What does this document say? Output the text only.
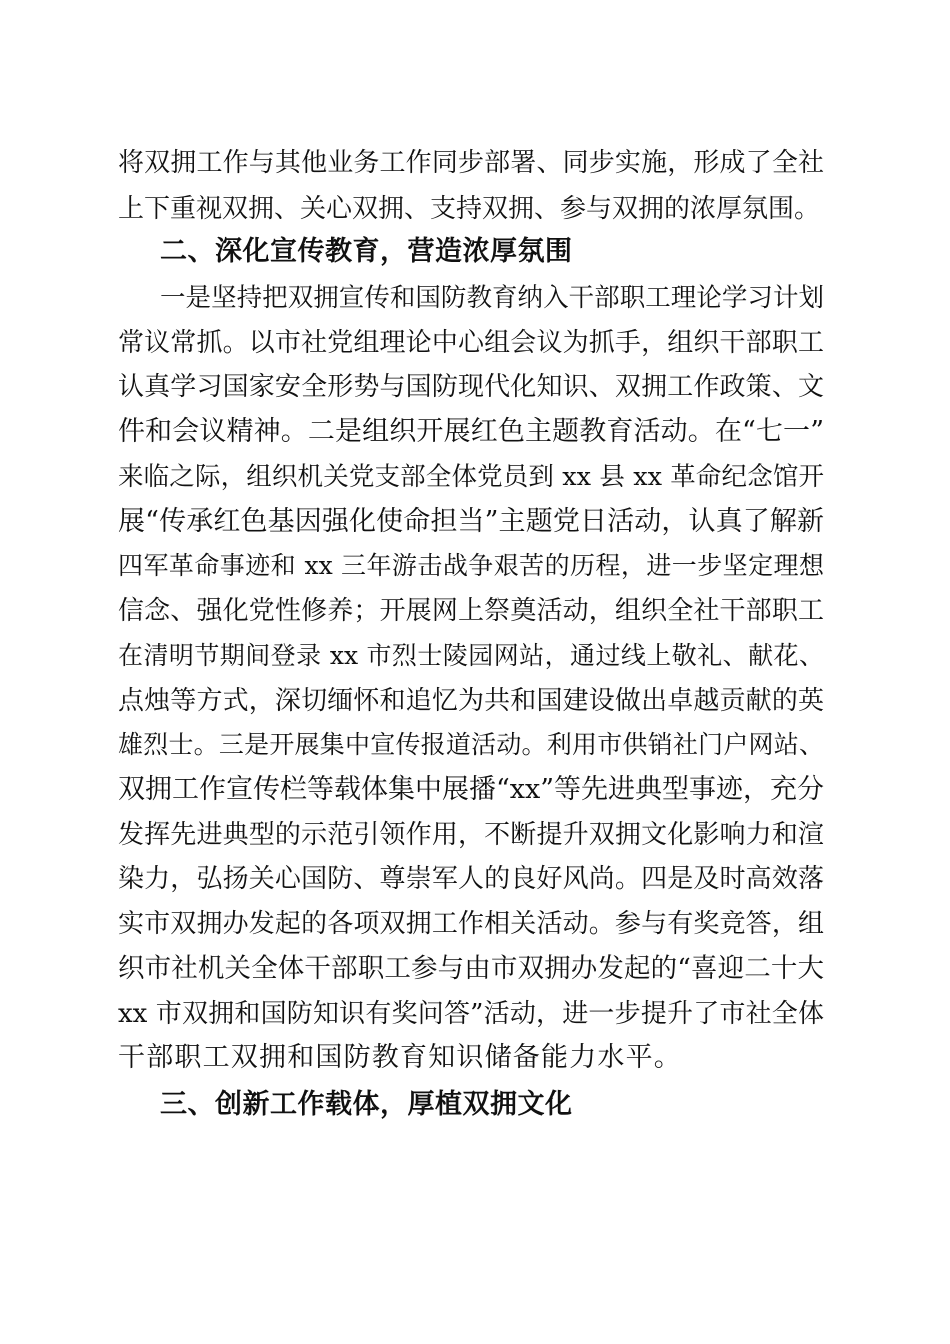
将双拥工作与其他业务工作同步部署、同步实施，形成了全社
上下重视双拥、关心双拥、支持双拥、参与双拥的浓厚氛围。
二、深化宣传教育，营造浓厚氛围
一是坚持把双拥宣传和国防教育纳入干部职工理论学习计划
常议常抓。以市社党组理论中心组会议为抓手，组织干部职工
认真学习国家安全形势与国防现代化知识、双拥工作政策、文
件和会议精神。二是组织开展红色主题教育活动。在“七一”
来临之际，组织机关党支部全体党员到 xx 县 xx 革命纪念馆开
展“传承红色基因强化使命担当”主题党日活动，认真了解新
四军革命事迹和 xx 三年游击战争艰苦的历程，进一步坚定理想
信念、强化党性修养；开展网上祭奠活动，组织全社干部职工
在清明节期间登录 xx 市烈士陵园网站，通过线上敬礼、献花、
点烛等方式，深切缅怀和追忆为共和国建设做出卓越贡献的英
雄烈士。三是开展集中宣传报道活动。利用市供销社门户网站、
双拥工作宣传栏等载体集中展播“xx”等先进典型事迹，充分
发挥先进典型的示范引领作用，不断提升双拥文化影响力和渲
染力，弘扬关心国防、尊崇军人的良好风尚。四是及时高效落
实市双拥办发起的各项双拥工作相关活动。参与有奖竞答，组
织市社机关全体干部职工参与由市双拥办发起的“喜迎二十大
xx 市双拥和国防知识有奖问答”活动，进一步提升了市社全体
干部职工双拥和国防教育知识储备能力水平。
三、创新工作载体，厚植双拥文化
